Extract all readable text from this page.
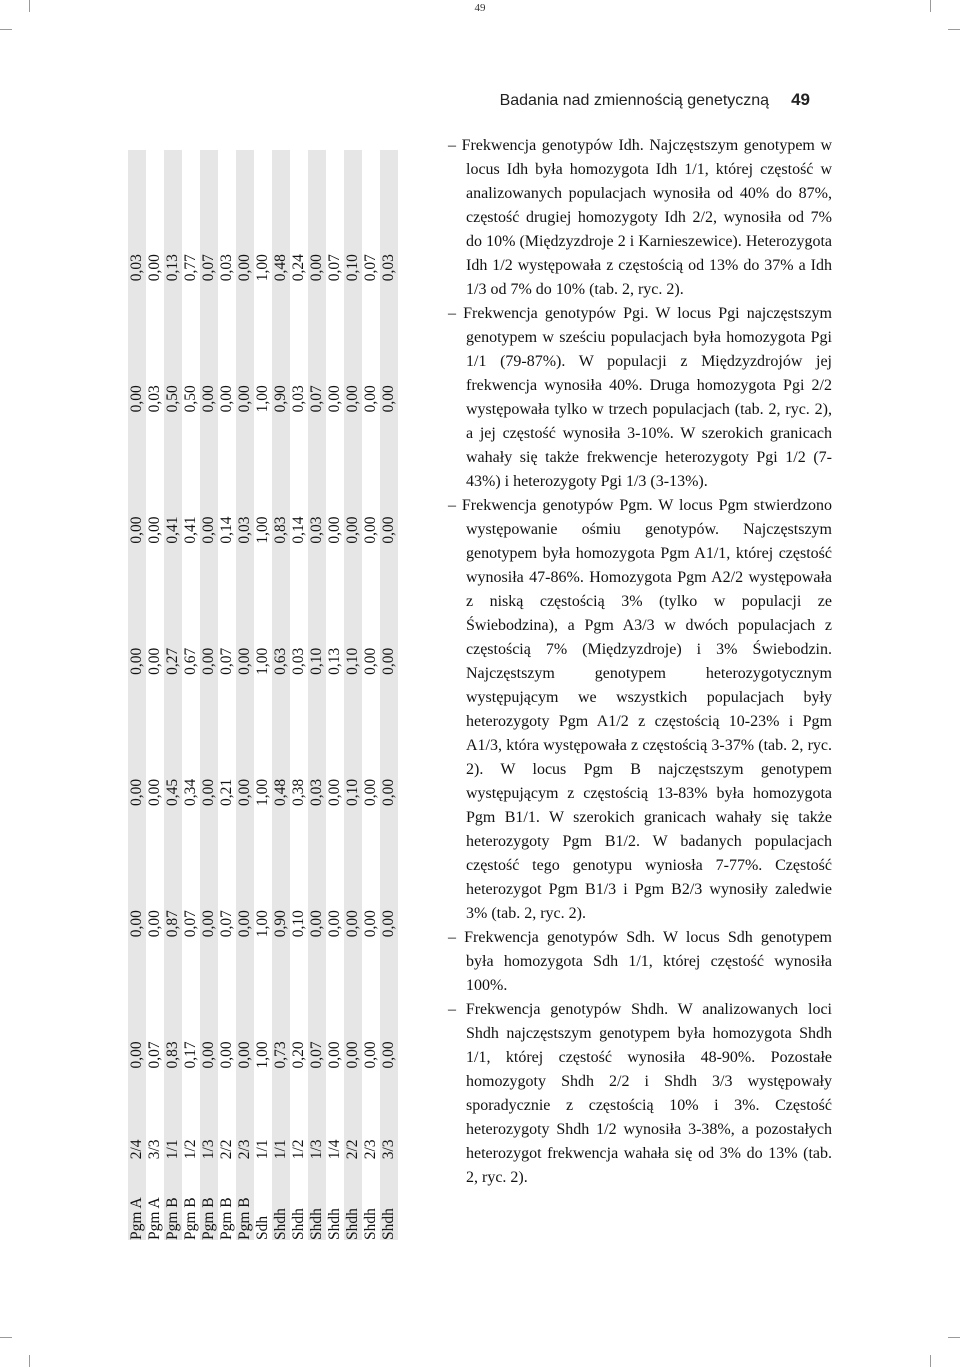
49
Pgm A	2/4	0,00	0,00	0,00	0,00	0,00	0,00	0,03
Pgm A	3/3	0,07	0,00	0,00	0,00	0,00	0,03	0,00
Pgm B	1/1	0,83	0,87	0,45	0,27	0,41	0,50	0,13
Pgm B	1/2	0,17	0,07	0,34	0,67	0,41	0,50	0,77
Pgm B	1/3	0,00	0,00	0,00	0,00	0,00	0,00	0,07
Pgm B	2/2	0,00	0,07	0,21	0,07	0,14	0,00	0,03
Pgm B	2/3	0,00	0,00	0,00	0,00	0,03	0,00	0,00
Sdh	1/1	1,00	1,00	1,00	1,00	1,00	1,00	1,00
Shdh	1/1	0,73	0,90	0,48	0,63	0,83	0,90	0,48
Shdh	1/2	0,20	0,10	0,38	0,03	0,14	0,03	0,24
Shdh	1/3	0,07	0,00	0,03	0,10	0,03	0,07	0,00
Shdh	1/4	0,00	0,00	0,00	0,13	0,00	0,00	0,07
Shdh	2/2	0,00	0,00	0,10	0,10	0,00	0,00	0,10
Shdh	2/3	0,00	0,00	0,00	0,00	0,00	0,00	0,07
Shdh	3/3	0,00	0,00	0,00	0,00	0,00	0,00	0,03
Badania nad zmiennością genetyczną 49

– Frekwencja genotypów Idh. Najczęstszym genotypem w locus Idh była homozygota Idh 1/1, której częstość w analizowanych populacjach wynosiła od 40% do 87%, częstość drugiej homozygoty Idh 2/2, wynosiła od 7% do 10% (Międzyzdroje 2 i Karnieszewice). Heterozygota Idh 1/2 występowała z częstością od 13% do 37% a Idh 1/3 od 7% do 10% (tab. 2, ryc. 2).

– Frekwencja genotypów Pgi. W locus Pgi najczęstszym genotypem w sześciu populacjach była homozygota Pgi 1/1 (79-87%). W populacji z Międzyzdrojów jej frekwencja wynosiła 40%. Druga homozygota Pgi 2/2 występowała tylko w trzech populacjach (tab. 2, ryc. 2), a jej częstość wynosiła 3-10%. W szerokich granicach wahały się także frekwencje heterozygoty Pgi 1/2 (7-43%) i heterozygoty Pgi 1/3 (3-13%).

– Frekwencja genotypów Pgm. W locus Pgm stwierdzono występowanie ośmiu genotypów. Najczęstszym genotypem była homozygota Pgm A1/1, której częstość wynosiła 47-86%. Homozygota Pgm A2/2 występowała z niską częstością 3% (tylko w populacji ze Świebodzina), a Pgm A3/3 w dwóch populacjach z częstością 7% (Międzyzdroje) i 3% Świebodzin. Najczęstszym genotypem heterozygotycznym występującym we wszystkich populacjach były heterozygoty Pgm A1/2 z częstością 10-23% i Pgm A1/3, która występowała z częstością 3-37% (tab. 2, ryc. 2). W locus Pgm B najczęstszym genotypem występującym z częstością 13-83% była homozygota Pgm B1/1. W szerokich granicach wahały się także heterozygoty Pgm B1/2. W badanych populacjach częstość tego genotypu wyniosła 7-77%. Częstość heterozygot Pgm B1/3 i Pgm B2/3 wynosiły zaledwie 3% (tab. 2, ryc. 2).

– Frekwencja genotypów Sdh. W locus Sdh genotypem była homozygota Sdh 1/1, której częstość wynosiła 100%.

– Frekwencja genotypów Shdh. W analizowanych loci Shdh najczęstszym genotypem była homozygota Shdh 1/1, której częstość wynosiła 48-90%. Pozostałe homozygoty Shdh 2/2 i Shdh 3/3 występowały sporadycznie z częstością 10% i 3%. Częstość heterozygoty Shdh 1/2 wynosiła 3-38%, a pozostałych heterozygot frekwencja wahała się od 3% do 13% (tab. 2, ryc. 2).
